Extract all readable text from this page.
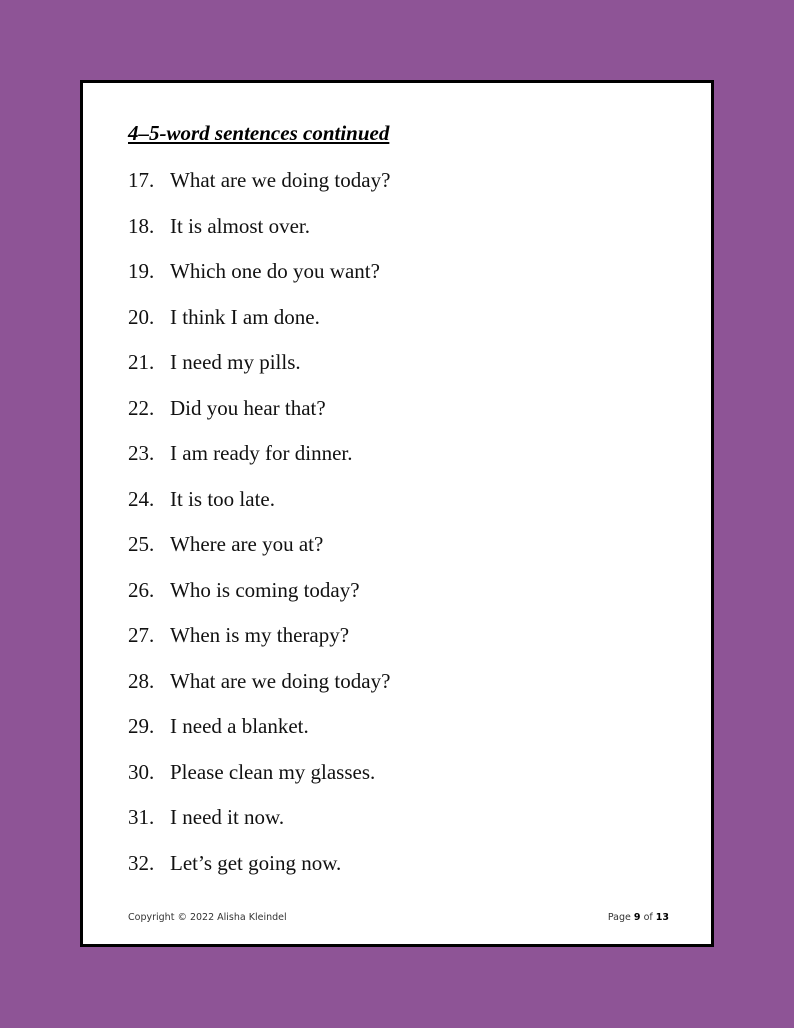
4–5-word sentences continued
17. What are we doing today?
18. It is almost over.
19. Which one do you want?
20. I think I am done.
21. I need my pills.
22. Did you hear that?
23. I am ready for dinner.
24. It is too late.
25. Where are you at?
26. Who is coming today?
27. When is my therapy?
28. What are we doing today?
29. I need a blanket.
30. Please clean my glasses.
31. I need it now.
32. Let’s get going now.
Copyright © 2022 Alisha Kleindel	Page 9 of 13
